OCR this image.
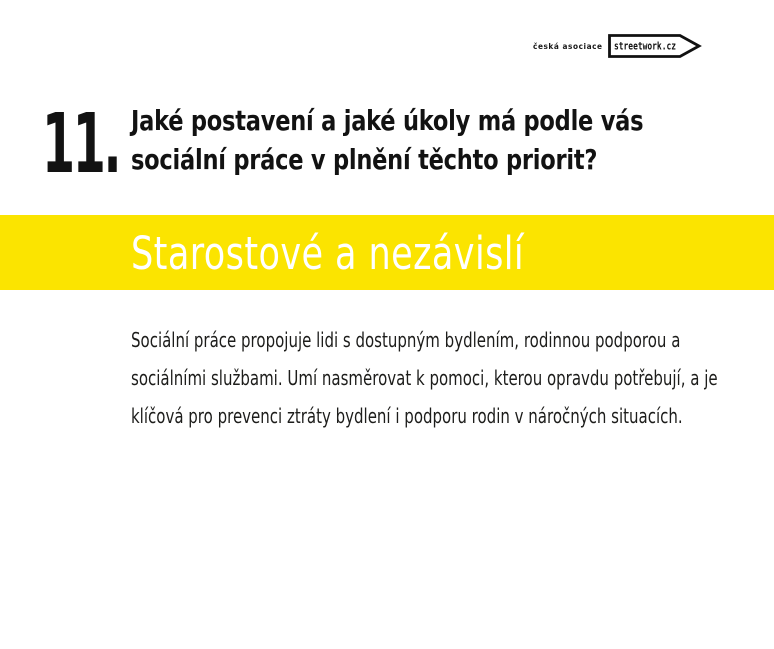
česká asociace streetwork.cz
11. Jaké postavení a jaké úkoly má podle vás
sociální práce v plnění těchto priorit?
Starostové a nezávislí

Sociální práce propojuje lidi s dostupným bydlením, rodinnou podporou a
sociálními službami. Umí nasměrovat k pomoci, kterou opravdu potřebují, a je
klíčová pro prevenci ztráty bydlení i podporu rodin v náročných situacích.
